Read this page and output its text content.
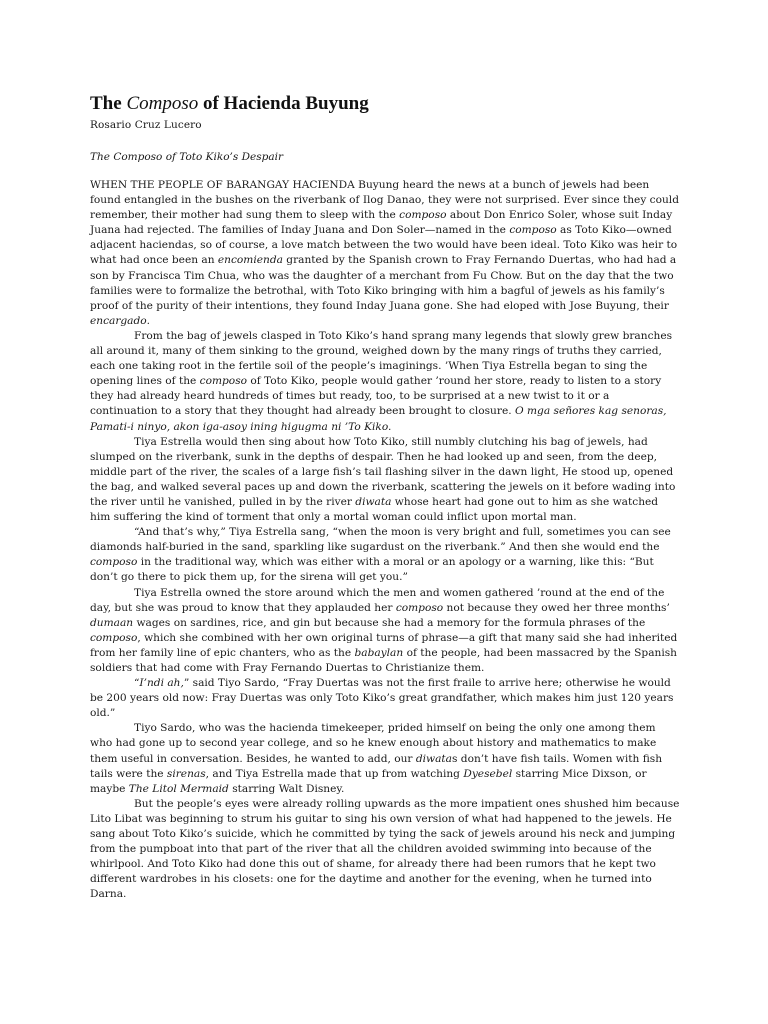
The Composo of Hacienda Buyung
Rosario Cruz Lucero
The Composo of Toto Kiko’s Despair

WHEN THE PEOPLE OF BARANGAY HACIENDA Buyung heard the news at a bunch of jewels had been found entangled in the bushes on the riverbank of Ilog Danao, they were not surprised. Ever since they could remember, their mother had sung them to sleep with the composo about Don Enrico Soler, whose suit Inday Juana had rejected. The families of Inday Juana and Don Soler—named in the composo as Toto Kiko—owned adjacent haciendas, so of course, a love match between the two would have been ideal. Toto Kiko was heir to what had once been an encomienda granted by the Spanish crown to Fray Fernando Duertas, who had had a son by Francisca Tim Chua, who was the daughter of a merchant from Fu Chow. But on the day that the two families were to formalize the betrothal, with Toto Kiko bringing with him a bagful of jewels as his family’s proof of the purity of their intentions, they found Inday Juana gone. She had eloped with Jose Buyung, their encargado.

From the bag of jewels clasped in Toto Kiko’s hand sprang many legends that slowly grew branches all around it, many of them sinking to the ground, weighed down by the many rings of truths they carried, each one taking root in the fertile soil of the people’s imaginings. ’When Tiya Estrella began to sing the opening lines of the composo of Toto Kiko, people would gather ’round her store, ready to listen to a story they had already heard hundreds of times but ready, too, to be surprised at a new twist to it or a continuation to a story that they thought had already been brought to closure. O mga señores kag senoras, Pamati-i ninyo, akon iga-asoy ining higugma ni ’To Kiko.

Tiya Estrella would then sing about how Toto Kiko, still numbly clutching his bag of jewels, had slumped on the riverbank, sunk in the depths of despair. Then he had looked up and seen, from the deep, middle part of the river, the scales of a large fish’s tail flashing silver in the dawn light, He stood up, opened the bag, and walked several paces up and down the riverbank, scattering the jewels on it before wading into the river until he vanished, pulled in by the river diwata whose heart had gone out to him as she watched him suffering the kind of torment that only a mortal woman could inflict upon mortal man.

“And that’s why,” Tiya Estrella sang, “when the moon is very bright and full, sometimes you can see diamonds half-buried in the sand, sparkling like sugardust on the riverbank.” And then she would end the composo in the traditional way, which was either with a moral or an apology or a warning, like this: “But don’t go there to pick them up, for the sirena will get you.”

Tiya Estrella owned the store around which the men and women gathered ’round at the end of the day, but she was proud to know that they applauded her composo not because they owed her three months’ dumaan wages on sardines, rice, and gin but because she had a memory for the formula phrases of the composo, which she combined with her own original turns of phrase—a gift that many said she had inherited from her family line of epic chanters, who as the babaylan of the people, had been massacred by the Spanish soldiers that had come with Fray Fernando Duertas to Christianize them.

“I’ndi ah,” said Tiyo Sardo, “Fray Duertas was not the first fraile to arrive here; otherwise he would be 200 years old now: Fray Duertas was only Toto Kiko’s great grandfather, which makes him just 120 years old.”

Tiyo Sardo, who was the hacienda timekeeper, prided himself on being the only one among them who had gone up to second year college, and so he knew enough about history and mathematics to make them useful in conversation. Besides, he wanted to add, our diwatas don’t have fish tails. Women with fish tails were the sirenas, and Tiya Estrella made that up from watching Dyesebel starring Mice Dixson, or maybe The Litol Mermaid starring Walt Disney.

But the people’s eyes were already rolling upwards as the more impatient ones shushed him because Lito Libat was beginning to strum his guitar to sing his own version of what had happened to the jewels. He sang about Toto Kiko’s suicide, which he committed by tying the sack of jewels around his neck and jumping from the pumpboat into that part of the river that all the children avoided swimming into because of the whirlpool. And Toto Kiko had done this out of shame, for already there had been rumors that he kept two different wardrobes in his closets: one for the daytime and another for the evening, when he turned into Darna.
